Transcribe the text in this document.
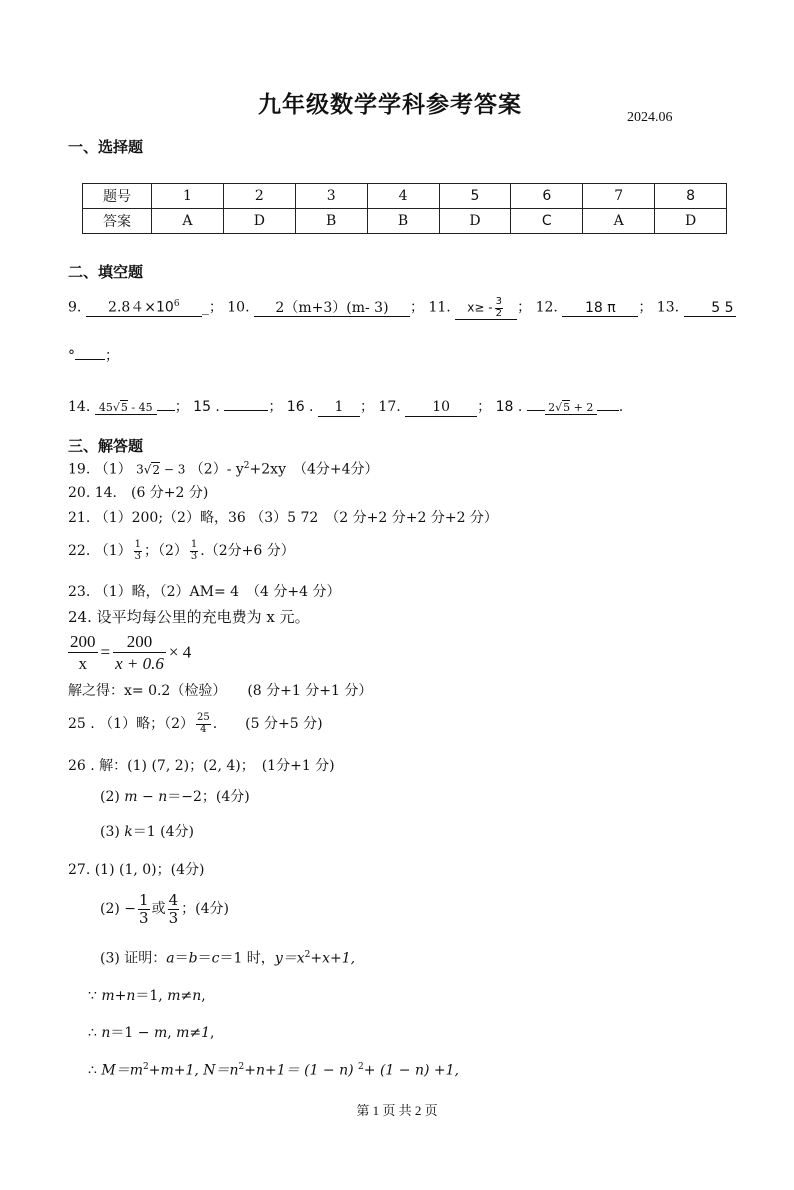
九年级数学学科参考答案	2024.06
一、选择题
题号	1	2	3	4	5	6	7	8
答案	A	D	B	B	D	C	A	D
二、填空题
9. $2.84\times 10^6$ _； 10. 2（m+3）(m- 3) ； 11. $x\ge - \frac{3}{2}$ ； 12. 18 π ； 13. 5 5
° ；
14. 45√5 - 45 ； 15 .	； 16 . 1 ； 17. 10 ； 18 . 2√5 + 2 .
三、解答题
19. （1） 3√2 − 3 （2）- $y^2+2xy$　（4分+4分）
20. 14.　(6 分+2 分)
21. （1）200;（2）略，36 （3）5 72　（2 分+2 分+2 分+2 分）
22. $(1) \frac{1}{3}$ ；$(2) \frac{1}{3} .(2$分+6 分）
23. （1）略，（2）AM= 4　（4 分+4 分）
24. 设平均每公里的充电费为 x 元。
$\frac{200}{x} = \frac{200}{x + 0.6} \times 4$
解之得：x= 0.2（检验）　　(8 分+1 分+1 分）
25 . （1）略；$(2) \frac{25}{4}$ .　　(5 分+5 分)
26 . 解：(1) (7, 2)；(2, 4)；　(1分+1 分)
(2) m − n＝−2；(4分)
(3) k＝1 (4分)
27. (1) (1, 0)；(4分)
$(2) - \frac{1}{3}$ 或 $\frac{4}{3}$ ；(4分)
(3) 证明：a＝b＝c＝1 时，$y=x^2+x+1$,
∵ m+n＝1, m≠n,
∴ n＝1 − m, m≠1,
∴ $M=m^2+m+1$, $N=n^2+n+1= (1 - n)$ $^2$+ (1 − n) +1,
第 1 页 共 2 页
